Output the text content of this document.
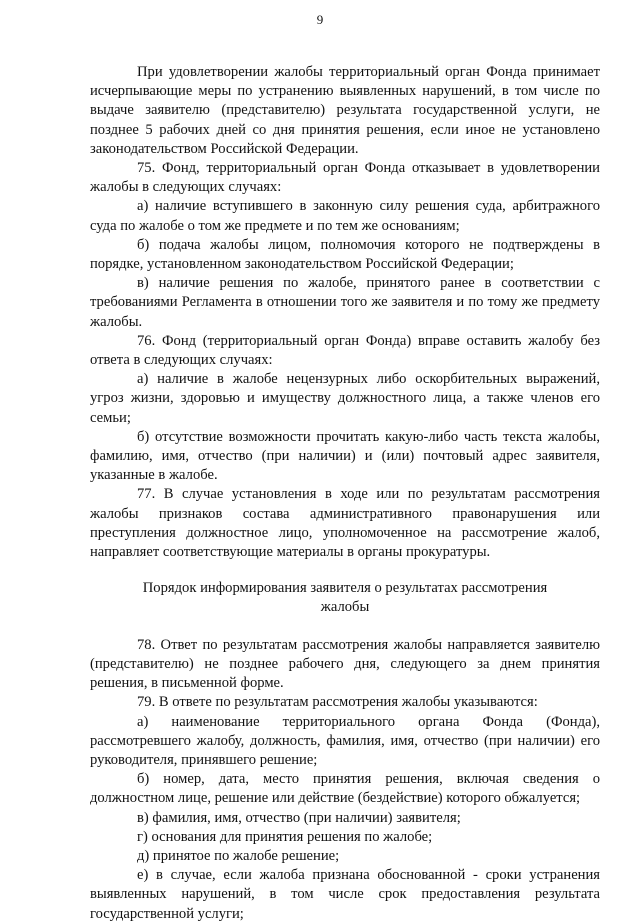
9

При удовлетворении жалобы территориальный орган Фонда принимает исчерпывающие меры по устранению выявленных нарушений, в том числе по выдаче заявителю (представителю) результата государственной услуги, не позднее 5 рабочих дней со дня принятия решения, если иное не установлено законодательством Российской Федерации.

75. Фонд, территориальный орган Фонда отказывает в удовлетворении жалобы в следующих случаях:

а) наличие вступившего в законную силу решения суда, арбитражного суда по жалобе о том же предмете и по тем же основаниям;

б) подача жалобы лицом, полномочия которого не подтверждены в порядке, установленном законодательством Российской Федерации;

в) наличие решения по жалобе, принятого ранее в соответствии с требованиями Регламента в отношении того же заявителя и по тому же предмету жалобы.

76. Фонд (территориальный орган Фонда) вправе оставить жалобу без ответа в следующих случаях:

а) наличие в жалобе нецензурных либо оскорбительных выражений, угроз жизни, здоровью и имуществу должностного лица, а также членов его семьи;

б) отсутствие возможности прочитать какую-либо часть текста жалобы, фамилию, имя, отчество (при наличии) и (или) почтовый адрес заявителя, указанные в жалобе.

77. В случае установления в ходе или по результатам рассмотрения жалобы признаков состава административного правонарушения или преступления должностное лицо, уполномоченное на рассмотрение жалоб, направляет соответствующие материалы в органы прокуратуры.

Порядок информирования заявителя о результатах рассмотрения жалобы

78. Ответ по результатам рассмотрения жалобы направляется заявителю (представителю) не позднее рабочего дня, следующего за днем принятия решения, в письменной форме.

79. В ответе по результатам рассмотрения жалобы указываются:

а) наименование территориального органа Фонда (Фонда), рассмотревшего жалобу, должность, фамилия, имя, отчество (при наличии) его руководителя, принявшего решение;

б) номер, дата, место принятия решения, включая сведения о должностном лице, решение или действие (бездействие) которого обжалуется;

в) фамилия, имя, отчество (при наличии) заявителя;

г) основания для принятия решения по жалобе;

д) принятое по жалобе решение;

е) в случае, если жалоба признана обоснованной - сроки устранения выявленных нарушений, в том числе срок предоставления результата государственной услуги;
